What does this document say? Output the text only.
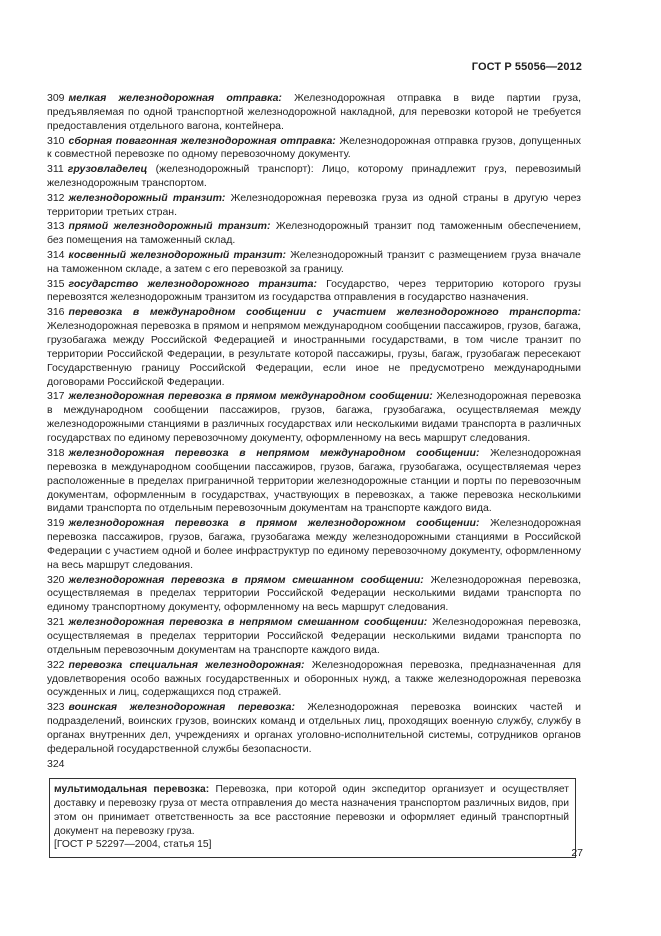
ГОСТ Р 55056—2012

309 мелкая железнодорожная отправка: Железнодорожная отправка в виде партии груза, предъявляемая по одной транспортной железнодорожной накладной, для перевозки которой не требуется предоставления отдельного вагона, контейнера.

310 сборная повагонная железнодорожная отправка: Железнодорожная отправка грузов, допущенных к совместной перевозке по одному перевозочному документу.

311 грузовладелец (железнодорожный транспорт): Лицо, которому принадлежит груз, перевозимый железнодорожным транспортом.

312 железнодорожный транзит: Железнодорожная перевозка груза из одной страны в другую через территории третьих стран.

313 прямой железнодорожный транзит: Железнодорожный транзит под таможенным обеспечением, без помещения на таможенный склад.

314 косвенный железнодорожный транзит: Железнодорожный транзит с размещением груза вначале на таможенном складе, а затем с его перевозкой за границу.

315 государство железнодорожного транзита: Государство, через территорию которого грузы перевозятся железнодорожным транзитом из государства отправления в государство назначения.

316 перевозка в международном сообщении с участием железнодорожного транспорта: Железнодорожная перевозка в прямом и непрямом международном сообщении пассажиров, грузов, багажа, грузобагажа между Российской Федерацией и иностранными государствами, в том числе транзит по территории Российской Федерации, в результате которой пассажиры, грузы, багаж, грузобагаж пересекают Государственную границу Российской Федерации, если иное не предусмотрено международными договорами Российской Федерации.

317 железнодорожная перевозка в прямом международном сообщении: Железнодорожная перевозка в международном сообщении пассажиров, грузов, багажа, грузобагажа, осуществляемая между железнодорожными станциями в различных государствах или несколькими видами транспорта в различных государствах по единому перевозочному документу, оформленному на весь маршрут следования.

318 железнодорожная перевозка в непрямом международном сообщении: Железнодорожная перевозка в международном сообщении пассажиров, грузов, багажа, грузобагажа, осуществляемая через расположенные в пределах приграничной территории железнодорожные станции и порты по перевозочным документам, оформленным в государствах, участвующих в перевозках, а также перевозка несколькими видами транспорта по отдельным перевозочным документам на транспорте каждого вида.

319 железнодорожная перевозка в прямом железнодорожном сообщении: Железнодорожная перевозка пассажиров, грузов, багажа, грузобагажа между железнодорожными станциями в Российской Федерации с участием одной и более инфраструктур по единому перевозочному документу, оформленному на весь маршрут следования.

320 железнодорожная перевозка в прямом смешанном сообщении: Железнодорожная перевозка, осуществляемая в пределах территории Российской Федерации несколькими видами транспорта по единому транспортному документу, оформленному на весь маршрут следования.

321 железнодорожная перевозка в непрямом смешанном сообщении: Железнодорожная перевозка, осуществляемая в пределах территории Российской Федерации несколькими видами транспорта по отдельным перевозочным документам на транспорте каждого вида.

322 перевозка специальная железнодорожная: Железнодорожная перевозка, предназначенная для удовлетворения особо важных государственных и оборонных нужд, а также железнодорожная перевозка осужденных и лиц, содержащихся под стражей.

323 воинская железнодорожная перевозка: Железнодорожная перевозка воинских частей и подразделений, воинских грузов, воинских команд и отдельных лиц, проходящих военную службу, службу в органах внутренних дел, учреждениях и органах уголовно-исполнительной системы, сотрудников органов федеральной государственной службы безопасности.

324

мультимодальная перевозка: Перевозка, при которой один экспедитор организует и осуществляет доставку и перевозку груза от места отправления до места назначения транспортом различных видов, при этом он принимает ответственность за все расстояние перевозки и оформляет единый транспортный документ на перевозку груза.

[ГОСТ Р 52297—2004, статья 15]

27
